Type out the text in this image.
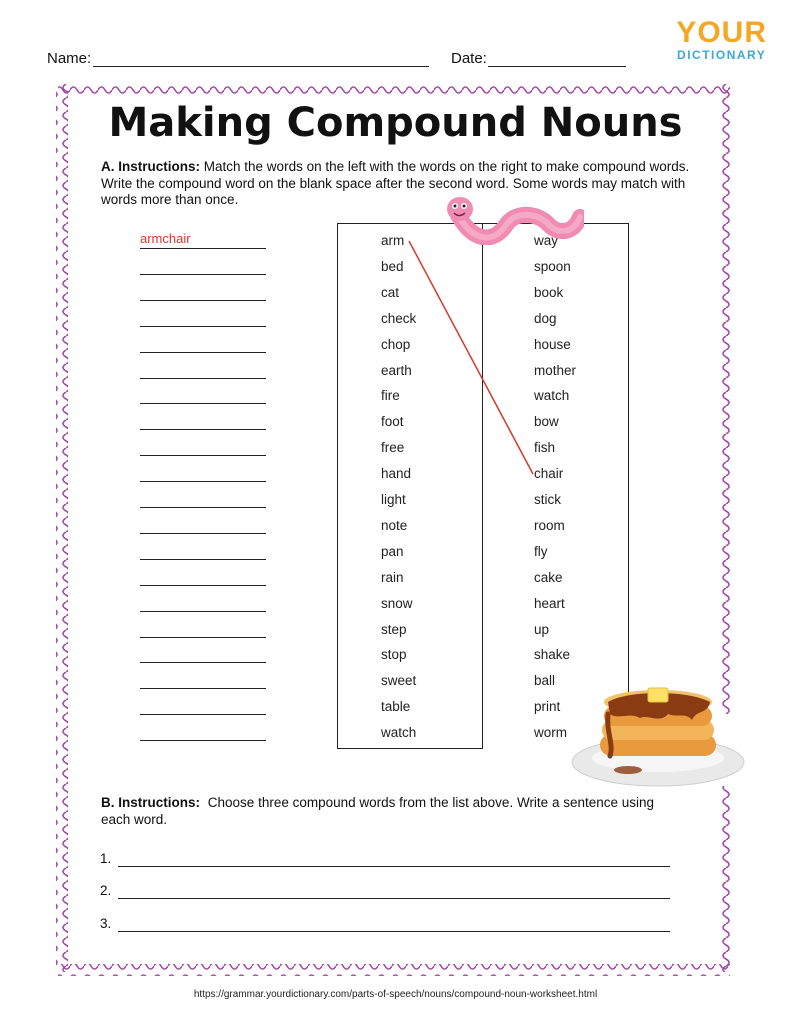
Name:	Date:
YOUR
DICTIONARY
Making Compound Nouns
A. Instructions: Match the words on the left with the words on the right to make compound words. Write the compound word on the blank space after the second word. Some words may match with words more than once.
armchair	arm
bed
cat
check
chop
earth
fire
foot
free
hand
light
note
pan
rain
snow
step
stop
sweet
table
watch
way
spoon
book
dog
house
mother
watch
bow
fish
chair
stick
room
fly
cake
heart
up
shake
ball
print
worm
B. Instructions: Choose three compound words from the list above. Write a sentence using each word.
1.
2.
3.
https://grammar.yourdictionary.com/parts-of-speech/nouns/compound-noun-worksheet.html
